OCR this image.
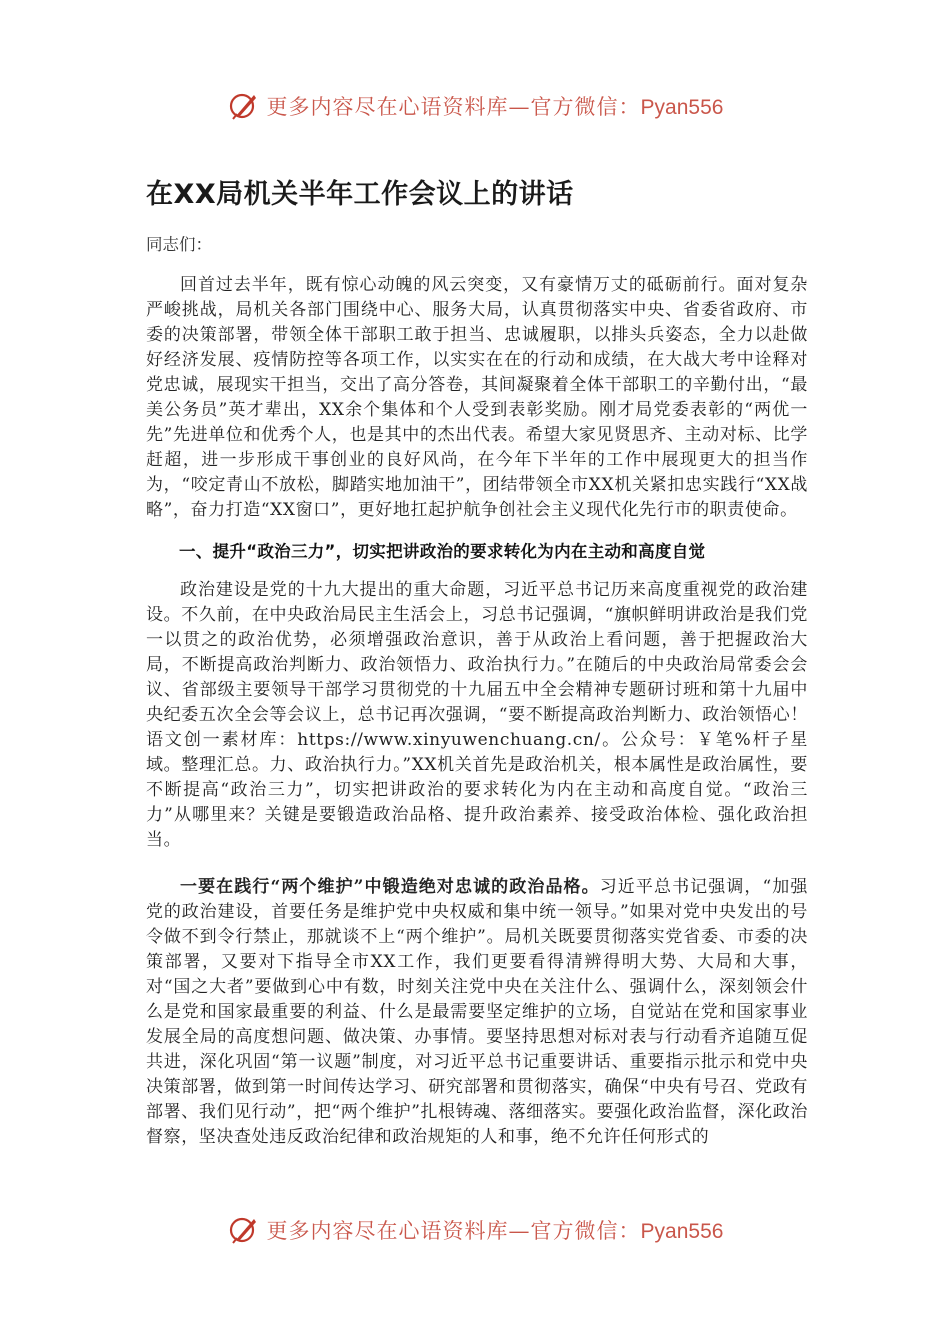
更多内容尽在心语资料库—官方微信：Pyan556
在XX局机关半年工作会议上的讲话
同志们：

回首过去半年，既有惊心动魄的风云突变，又有豪情万丈的砥砺前行。面对复杂严峻挑战，局机关各部门围绕中心、服务大局，认真贯彻落实中央、省委省政府、市委的决策部署，带领全体干部职工敢于担当、忠诚履职，以排头兵姿态，全力以赴做好经济发展、疫情防控等各项工作，以实实在在的行动和成绩，在大战大考中诠释对党忠诚，展现实干担当，交出了高分答卷，其间凝聚着全体干部职工的辛勤付出，“最美公务员”英才辈出，XX余个集体和个人受到表彰奖励。刚才局党委表彰的“两优一先”先进单位和优秀个人，也是其中的杰出代表。希望大家见贤思齐、主动对标、比学赶超，进一步形成干事创业的良好风尚，在今年下半年的工作中展现更大的担当作为，“咬定青山不放松，脚踏实地加油干”，团结带领全市XX机关紧扣忠实践行“XX战略”，奋力打造“XX窗口”，更好地扛起护航争创社会主义现代化先行市的职责使命。

一、提升“政治三力”，切实把讲政治的要求转化为内在主动和高度自觉

政治建设是党的十九大提出的重大命题，习近平总书记历来高度重视党的政治建设。不久前，在中央政治局民主生活会上，习总书记强调，“旗帜鲜明讲政治是我们党一以贯之的政治优势，必须增强政治意识，善于从政治上看问题，善于把握政治大局，不断提高政治判断力、政治领悟力、政治执行力。”在随后的中央政治局常委会会议、省部级主要领导干部学习贯彻党的十九届五中全会精神专题研讨班和第十九届中央纪委五次全会等会议上，总书记再次强调，“要不断提高政治判断力、政治领悟心！语文创一素材库：https://www.xinyuwenchuang.cn/。公众号：￥笔%杆子星域。整理汇总。力、政治执行力。”XX机关首先是政治机关，根本属性是政治属性，要不断提高“政治三力”，切实把讲政治的要求转化为内在主动和高度自觉。“政治三力”从哪里来？关键是要锻造政治品格、提升政治素养、接受政治体检、强化政治担当。

一要在践行“两个维护”中锻造绝对忠诚的政治品格。习近平总书记强调，“加强党的政治建设，首要任务是维护党中央权威和集中统一领导。”如果对党中央发出的号令做不到令行禁止，那就谈不上“两个维护”。局机关既要贯彻落实党省委、市委的决策部署，又要对下指导全市XX工作，我们更要看得清辨得明大势、大局和大事，对“国之大者”要做到心中有数，时刻关注党中央在关注什么、强调什么，深刻领会什么是党和国家最重要的利益、什么是最需要坚定维护的立场，自觉站在党和国家事业发展全局的高度想问题、做决策、办事情。要坚持思想对标对表与行动看齐追随互促共进，深化巩固“第一议题”制度，对习近平总书记重要讲话、重要指示批示和党中央决策部署，做到第一时间传达学习、研究部署和贯彻落实，确保“中央有号召、党政有部署、我们见行动”，把“两个维护”扎根铸魂、落细落实。要强化政治监督，深化政治督察，坚决查处违反政治纪律和政治规矩的人和事，绝不允许任何形式的

更多内容尽在心语资料库—官方微信：Pyan556
